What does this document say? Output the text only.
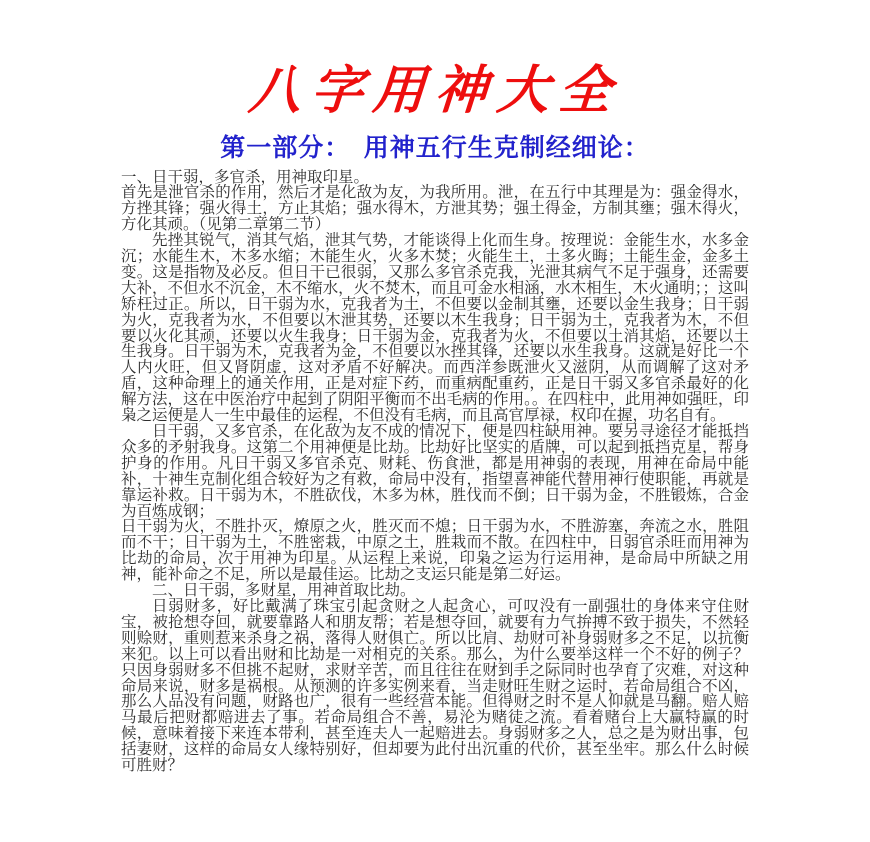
八字用神大全
第一部分：　用神五行生克制经细论：

一、日干弱，多官杀，用神取印星。

首先是泄官杀的作用，然后才是化敌为友，为我所用。泄，在五行中其理是为：强金得水，方挫其锋；强火得土，方止其焰；强水得木，方泄其势；强土得金，方制其壅；强木得火，方化其顽。（见第二章第二节）

先挫其锐气，消其气焰，泄其气势，才能谈得上化而生身。按理说：金能生水，水多金沉；水能生木，木多水缩；木能生火，火多木焚；火能生土，土多火晦；土能生金，金多土变。这是指物及必反。但日干已很弱，又那么多官杀克我，光泄其病气不足于强身，还需要大补，不但水不沉金，木不缩水，火不焚木，而且可金水相涵，水木相生，木火通明；；这叫矫枉过正。所以，日干弱为水，克我者为土，不但要以金制其壅，还要以金生我身；日干弱为火，克我者为水，不但要以木泄其势，还要以木生我身；日干弱为土，克我者为木，不但要以火化其顽，还要以火生我身；日干弱为金，克我者为火，不但要以土消其焰，还要以土生我身。日干弱为木，克我者为金，不但要以水挫其锋，还要以水生我身。这就是好比一个人内火旺，但又肾阴虚，这对矛盾不好解决。而西洋参既泄火又滋阴，从而调解了这对矛盾，这种命理上的通关作用，正是对症下药，而重病配重药，正是日干弱又多官杀最好的化解方法，这在中医治疗中起到了阴阳平衡而不出毛病的作用。。在四柱中，此用神如强旺，印枭之运便是人一生中最佳的运程，不但没有毛病，而且高官厚禄，权印在握，功名自有。

日干弱，又多官杀，在化敌为友不成的情况下，便是四柱缺用神。要另寻途径才能抵挡众多的矛射我身。这第二个用神便是比劫。比劫好比坚实的盾牌，可以起到抵挡克星，帮身护身的作用。凡日干弱又多官杀克、财耗、伤食泄，都是用神弱的表现，用神在命局中能补，十神生克制化组合较好为之有救，命局中没有，指望喜神能代替用神行使职能，再就是靠运补救。日干弱为木，不胜砍伐，木多为林，胜伐而不倒；日干弱为金，不胜锻炼，合金为百炼成钢；

日干弱为火，不胜扑灭，燎原之火，胜灭而不熄；日干弱为水，不胜游塞，奔流之水，胜阻而不干；日干弱为土，不胜密栽，中原之土，胜栽而不散。在四柱中，日弱官杀旺而用神为比劫的命局，次于用神为印星。从运程上来说，印枭之运为行运用神，是命局中所缺之用神，能补命之不足，所以是最佳运。比劫之支运只能是第二好运。

二、日干弱，多财星，用神首取比劫。

日弱财多，好比戴满了珠宝引起贪财之人起贪心，可叹没有一副强壮的身体来守住财宝，被抢想夺回，就要靠路人和朋友帮；若是想夺回，就要有力气拚搏不致于损失，不然轻则赊财，重则惹来杀身之祸，落得人财俱亡。所以比肩、劫财可补身弱财多之不足，以抗衡来犯。以上可以看出财和比劫是一对相克的关系。那么，为什么要举这样一个不好的例子？只因身弱财多不但挑不起财，求财辛苦，而且往往在财到手之际同时也孕育了灾难，对这种命局来说，财多是祸根。从预测的许多实例来看，当走财旺生财之运时，若命局组合不凶，那么人品没有问题，财路也广，很有一些经营本能。但得财之时不是人仰就是马翻。赔人赔马最后把财都赔进去了事。若命局组合不善，易沦为赌徒之流。看着赌台上大赢特赢的时候，意味着接下来连本带利，甚至连夫人一起赔进去。身弱财多之人，总之是为财出事，包括妻财，这样的命局女人缘特别好，但却要为此付出沉重的代价，甚至坐牢。那么什么时候可胜财？
